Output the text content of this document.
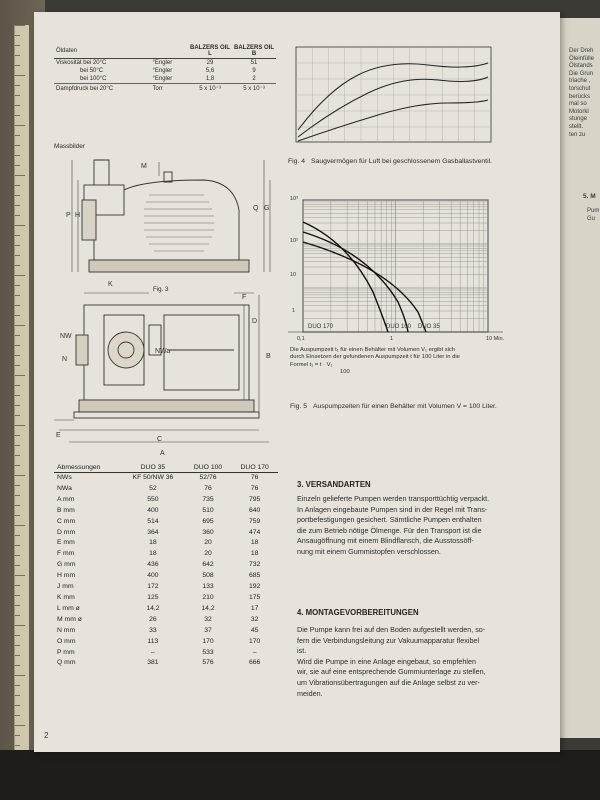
Der Dreh
Öleinfülle
Ölstands
Die Grun
triache ,
torschut
berücks
mal so
Motorkl
stunge
stellt.
ten zu
5. M
Pum
Gu
Öldaten		BALZERS OIL L	BALZERS OIL B
Viskosität bei 20°C	°Engler	29	51
bei 50°C	°Engler	5,6	9
bei 100°C	°Engler	1,8	2
Dampfdruck bei 20°C	Torr	5 x 10⁻³	5 x 10⁻³
Massbilder
M
P H
Q G
Fig. 3
K
F
NW
NWa
D
B
N
E
C
A
Fig. 4 Saugvermögen für Luft bei geschlossenem Gasballastventil.
DUO 170	DUO 100 DUO 35
10³
10²
10
1
0,1	1	10 Min.
Die Auspumpzeit t₁ für einen Behälter mit Volumen V₁ ergibt sich
durch Einsetzen der gefundenen Auspumpzeit t für 100 Liter in die
Formel t₁ = t · V₁
100
Fig. 5 Auspumpzeiten für einen Behälter mit Volumen V = 100 Liter.
Abmessungen	DUO 35	DUO 100	DUO 170
NWs	KF 50/NW 36	52/76	76
NWa	52	76	76
A mm	550	735	795
B mm	400	510	640
C mm	514	695	759
D mm	364	360	474
E mm	18	20	18
F mm	18	20	18
G mm	436	642	732
H mm	400	508	685
J mm	172	133	192
K mm	125	210	175
L mm ø	14,2	14,2	17
M mm ø	26	32	32
N mm	33	37	45
O mm	113	170	170
P mm	–	533	–
Q mm	381	576	666
3. VERSANDARTEN
Einzeln gelieferte Pumpen werden transporttüchtig verpackt.
In Anlagen eingebaute Pumpen sind in der Regel mit Trans-
portbefestigungen gesichert. Sämtliche Pumpen enthalten
die zum Betrieb nötige Ölmenge. Für den Transport ist die
Ansaugöffnung mit einem Blindflansch, die Ausstossöff-
nung mit einem Gummistopfen verschlossen.
4. MONTAGEVORBEREITUNGEN
Die Pumpe kann frei auf den Boden aufgestellt werden, so-
fern die Verbindungsleitung zur Vakuumapparatur flexibel
ist.
Wird die Pumpe in eine Anlage eingebaut, so empfehlen
wir, sie auf eine entsprechende Gummiunterlage zu stellen,
um Vibrationsübertragungen auf die Anlage selbst zu ver-
meiden.
2
